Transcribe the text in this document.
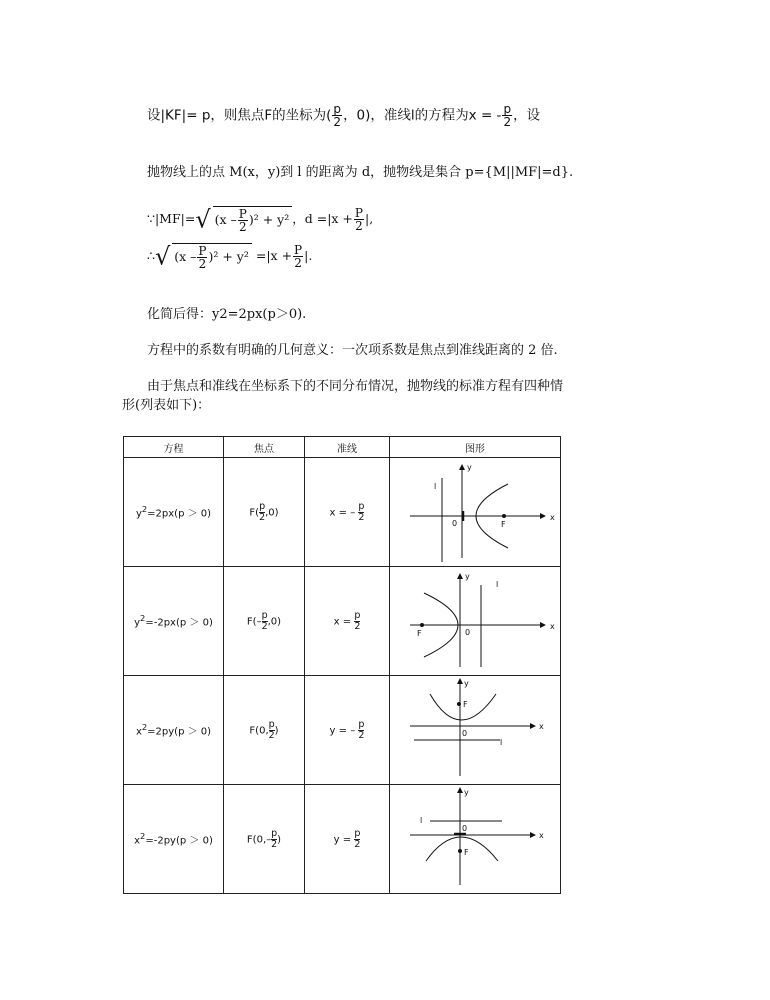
设|KF|= p，则焦点F的坐标为( $\frac{p}{2}$ ，0)，准线l的方程为x = - $\frac{p}{2}$ ，设
抛物线上的点 M(x，y)到 l 的距离为 d，抛物线是集合 p={M||MF|=d}.
∵|MF|=√ $(x - \frac{P}{2} )^2 + y^2$ ，$d =|x + \frac{P}{2}$ |,
∴√ $(x - \frac{P}{2} )^2 + y^2 =|x + \frac{P}{2}$ |.
化简后得：y2=2px(p＞0).
方程中的系数有明确的几何意义：一次项系数是焦点到准线距离的 2 倍.
由于焦点和准线在坐标系下的不同分布情况，抛物线的标准方程有四种情
形(列表如下)：
方程	焦点	准线	图形
$y^2=2px(p > 0)$	$F( \frac{p}{2} ,0)$	x = – $\frac{p}{2}$	l
y
0 F
x

$y^2=-2px(p > 0)$	$F(- \frac{p}{2} ,0)$	$x = \frac{p}{2}$	l
y
0
F
x

$x^2=2py(p > 0)$	F(0, $\frac{p}{2}$ )	y = – $\frac{p}{2}$	y
F
0
l
x

$x^2=-2py(p > 0)$	$F(0,- \frac{p}{2}$ )	$y = \frac{p}{2}$	y
l
0
F
x
